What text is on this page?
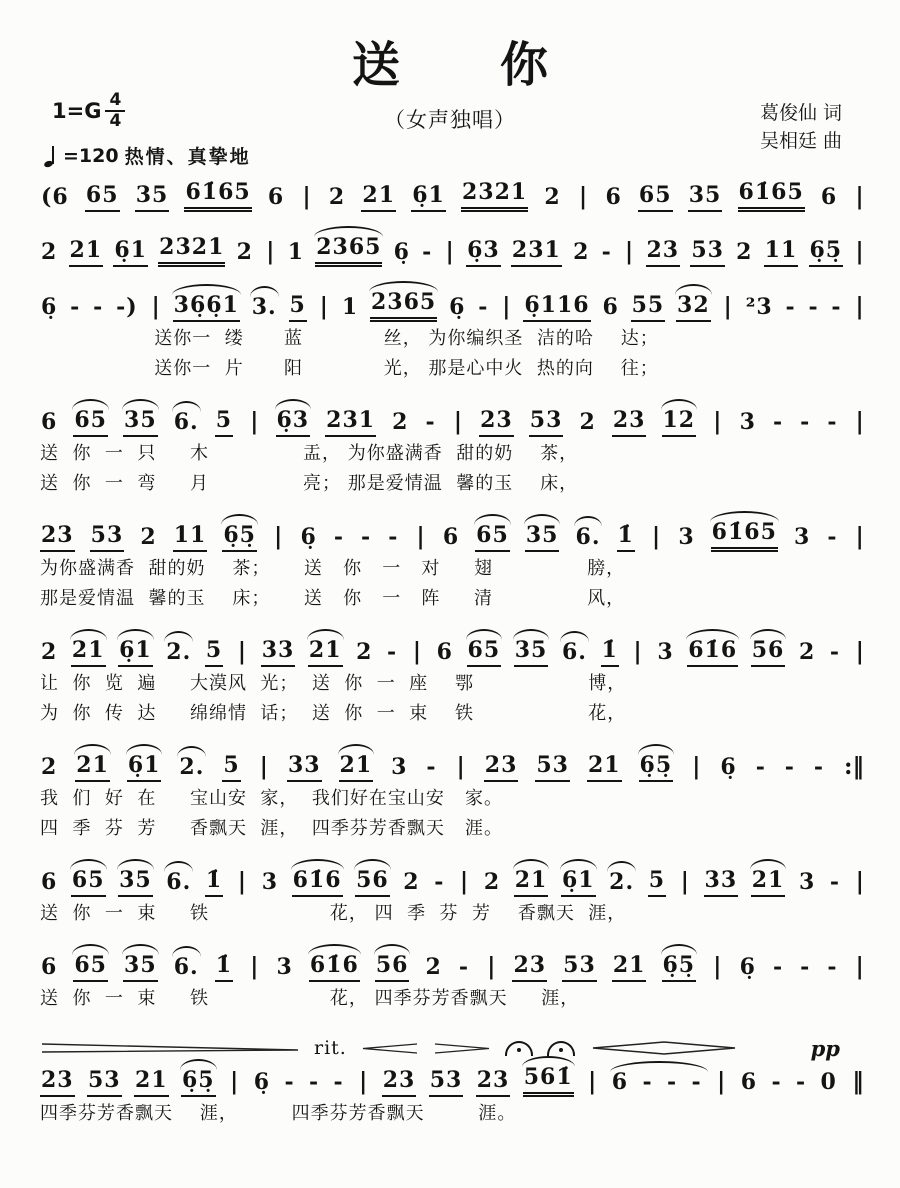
送　你
（女声独唱）
$1=G \frac{4}{4}$	葛俊仙 词
吴相廷 曲
=120 热情、真挚地
(6 65 35 61̇65 6 | 2 21 6̣1 2321 2 | 6 65 35 61̇65 6 |
2 21 6̣1 2321 2 | 1 2365 6̣ - | 6̣3 231 2 - | 23 53 2 11 6̣5̣ |
6̣ - - -) | 36̣6̣1 3. 5 | 1 2365 6̣ - | 6̣116 6 55 32 | ²3 - - - |
送你一  缕      蓝            丝， 为你编织圣  洁的哈    达；
送你一  片      阳            光， 那是心中火  热的向    往；
6 65 35 6. 5 | 6̣3 231 2 - | 23 53 2 23 12 | 3 - - - |
送  你  一  只     木              盂， 为你盛满香  甜的奶    茶，
送  你  一  弯     月              亮； 那是爱情温  馨的玉    床，
23 53 2 11 6̣5̣ | 6̣ - - - | 6 65 35 6. 1̇ | 3 61̇65 3 - |
为你盛满香  甜的奶    茶；     送   你   一   对     翅              膀，
那是爱情温  馨的玉    床；     送   你   一   阵     清              风，
2 21 6̣1 2. 5 | 33 21 2 - | 6 65 35 6. 1̇ | 3 61̇6 56 2 - |
让  你  览  遍     大漠风  光；  送  你  一  座    鄂                 博，
为  你  传  达     绵绵情  话；  送  你  一  束    铁                 花，
2 21 6̣1 2. 5 | 33 21 3 - | 23 53 21 6̣5̣ | 6̣ - - - :‖
我  们  好  在     宝山安  家，  我们好在宝山安   家。
四  季  芬  芳     香飘天  涯，  四季芬芳香飘天   涯。
6 65 35 6. 1̇ | 3 61̇6 56 2 - | 2 21 6̣1 2. 5 | 33 21 3 - |
送  你  一  束     铁                  花， 四  季  芬  芳    香飘天  涯，
6 65 35 6. 1̇ | 3 61̇6 56 2 - | 23 53 21 6̣5̣ | 6̣ - - - |
送  你  一  束     铁                  花， 四季芬芳香飘天     涯，
rit.	pp
23 53 21 6̣5̣ | 6̣ - - - | 23 53 23 561̇ | 6 - - - | 6 - - 0 ‖
四季芬芳香飘天    涯，        四季芬芳香飘天        涯。
